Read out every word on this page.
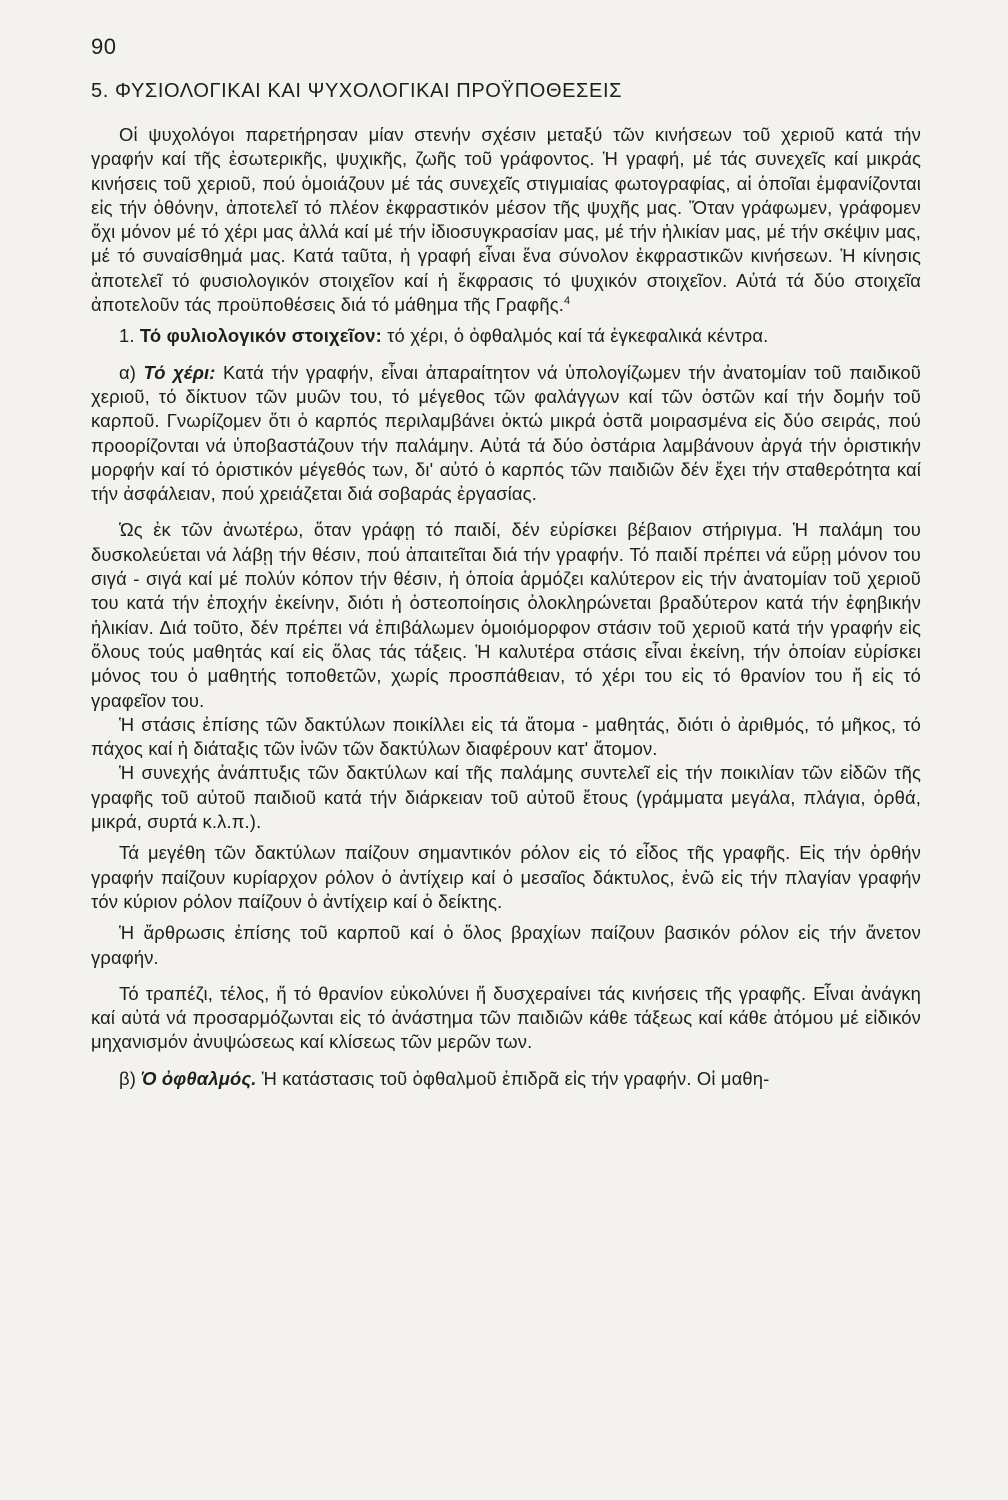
90
5. ΦΥΣΙΟΛΟΓΙΚΑΙ ΚΑΙ ΨΥΧΟΛΟΓΙΚΑΙ ΠΡΟΫΠΟΘΕΣΕΙΣ

Οἱ ψυχολόγοι παρετήρησαν μίαν στενήν σχέσιν μεταξύ τῶν κινήσεων τοῦ χεριοῦ κατά τήν γραφήν καί τῆς ἐσωτερικῆς, ψυχικῆς, ζωῆς τοῦ γράφοντος. Ἡ γραφή, μέ τάς συνεχεῖς καί μικράς κινήσεις τοῦ χεριοῦ, πού ὁμοιάζουν μέ τάς συνεχεῖς στιγμιαίας φωτογραφίας, αἱ ὁποῖαι ἐμφανίζονται εἰς τήν ὀθόνην, ἀποτελεῖ τό πλέον ἐκφραστικόν μέσον τῆς ψυχῆς μας. Ὅταν γράφωμεν, γράφομεν ὄχι μόνον μέ τό χέρι μας ἀλλά καί μέ τήν ἰδιοσυγκρασίαν μας, μέ τήν ἡλικίαν μας, μέ τήν σκέψιν μας, μέ τό συναίσθημά μας. Κατά ταῦτα, ἡ γραφή εἶναι ἕνα σύνολον ἐκφραστικῶν κινήσεων. Ἡ κίνησις ἀποτελεῖ τό φυσιολογικόν στοιχεῖον καί ἡ ἔκφρασις τό ψυχικόν στοιχεῖον. Αὐτά τά δύο στοιχεῖα ἀποτελοῦν τάς προϋποθέσεις διά τό μάθημα τῆς Γραφῆς.$^4$

1. Τό φυλιολογικόν στοιχεῖον: τό χέρι, ὁ ὀφθαλμός καί τά ἐγκεφαλικά κέντρα.

α) Τό χέρι: Κατά τήν γραφήν, εἶναι ἀπαραίτητον νά ὑπολογίζωμεν τήν ἀνατομίαν τοῦ παιδικοῦ χεριοῦ, τό δίκτυον τῶν μυῶν του, τό μέγεθος τῶν φαλάγγων καί τῶν ὀστῶν καί τήν δομήν τοῦ καρποῦ. Γνωρίζομεν ὅτι ὁ καρπός περιλαμβάνει ὀκτώ μικρά ὀστᾶ μοιρασμένα εἰς δύο σειράς, πού προορίζονται νά ὑποβαστάζουν τήν παλάμην. Αὐτά τά δύο ὀστάρια λαμβάνουν ἀργά τήν ὁριστικήν μορφήν καί τό ὁριστικόν μέγεθός των, δι' αὐτό ὁ καρπός τῶν παιδιῶν δέν ἔχει τήν σταθερότητα καί τήν ἀσφάλειαν, πού χρειάζεται διά σοβαράς ἐργασίας.

Ὡς ἐκ τῶν ἀνωτέρω, ὅταν γράφῃ τό παιδί, δέν εὑρίσκει βέβαιον στήριγμα. Ἡ παλάμη του δυσκολεύεται νά λάβῃ τήν θέσιν, πού ἀπαιτεῖται διά τήν γραφήν. Τό παιδί πρέπει νά εὕρῃ μόνον του σιγά - σιγά καί μέ πολύν κόπον τήν θέσιν, ἡ ὁποία ἁρμόζει καλύτερον εἰς τήν ἀνατομίαν τοῦ χεριοῦ του κατά τήν ἐποχήν ἐκείνην, διότι ἡ ὀστεοποίησις ὁλοκληρώνεται βραδύτερον κατά τήν ἐφηβικήν ἡλικίαν. Διά τοῦτο, δέν πρέπει νά ἐπιβάλωμεν ὁμοιόμορφον στάσιν τοῦ χεριοῦ κατά τήν γραφήν εἰς ὅλους τούς μαθητάς καί εἰς ὅλας τάς τάξεις. Ἡ καλυτέρα στάσις εἶναι ἐκείνη, τήν ὁποίαν εὑρίσκει μόνος του ὁ μαθητής τοποθετῶν, χωρίς προσπάθειαν, τό χέρι του εἰς τό θρανίον του ἤ εἰς τό γραφεῖον του.

Ἡ στάσις ἐπίσης τῶν δακτύλων ποικίλλει εἰς τά ἄτομα - μαθητάς, διότι ὁ ἀριθμός, τό μῆκος, τό πάχος καί ἡ διάταξις τῶν ἰνῶν τῶν δακτύλων διαφέρουν κατ' ἄτομον.

Ἡ συνεχής ἀνάπτυξις τῶν δακτύλων καί τῆς παλάμης συντελεῖ εἰς τήν ποικιλίαν τῶν εἰδῶν τῆς γραφῆς τοῦ αὐτοῦ παιδιοῦ κατά τήν διάρκειαν τοῦ αὐτοῦ ἔτους (γράμματα μεγάλα, πλάγια, ὀρθά, μικρά, συρτά κ.λ.π.).

Τά μεγέθη τῶν δακτύλων παίζουν σημαντικόν ρόλον εἰς τό εἶδος τῆς γραφῆς. Εἰς τήν ὀρθήν γραφήν παίζουν κυρίαρχον ρόλον ὁ ἀντίχειρ καί ὁ μεσαῖος δάκτυλος, ἐνῶ εἰς τήν πλαγίαν γραφήν τόν κύριον ρόλον παίζουν ὁ ἀντίχειρ καί ὁ δείκτης.

Ἡ ἄρθρωσις ἐπίσης τοῦ καρποῦ καί ὁ ὅλος βραχίων παίζουν βασικόν ρόλον εἰς τήν ἄνετον γραφήν.

Τό τραπέζι, τέλος, ἤ τό θρανίον εὐκολύνει ἤ δυσχεραίνει τάς κινήσεις τῆς γραφῆς. Εἶναι ἀνάγκη καί αὐτά νά προσαρμόζωνται εἰς τό ἀνάστημα τῶν παιδιῶν κάθε τάξεως καί κάθε ἀτόμου μέ εἰδικόν μηχανισμόν ἀνυψώσεως καί κλίσεως τῶν μερῶν των.

β) Ὁ ὀφθαλμός. Ἡ κατάστασις τοῦ ὀφθαλμοῦ ἐπιδρᾶ εἰς τήν γραφήν. Οἱ μαθη-
